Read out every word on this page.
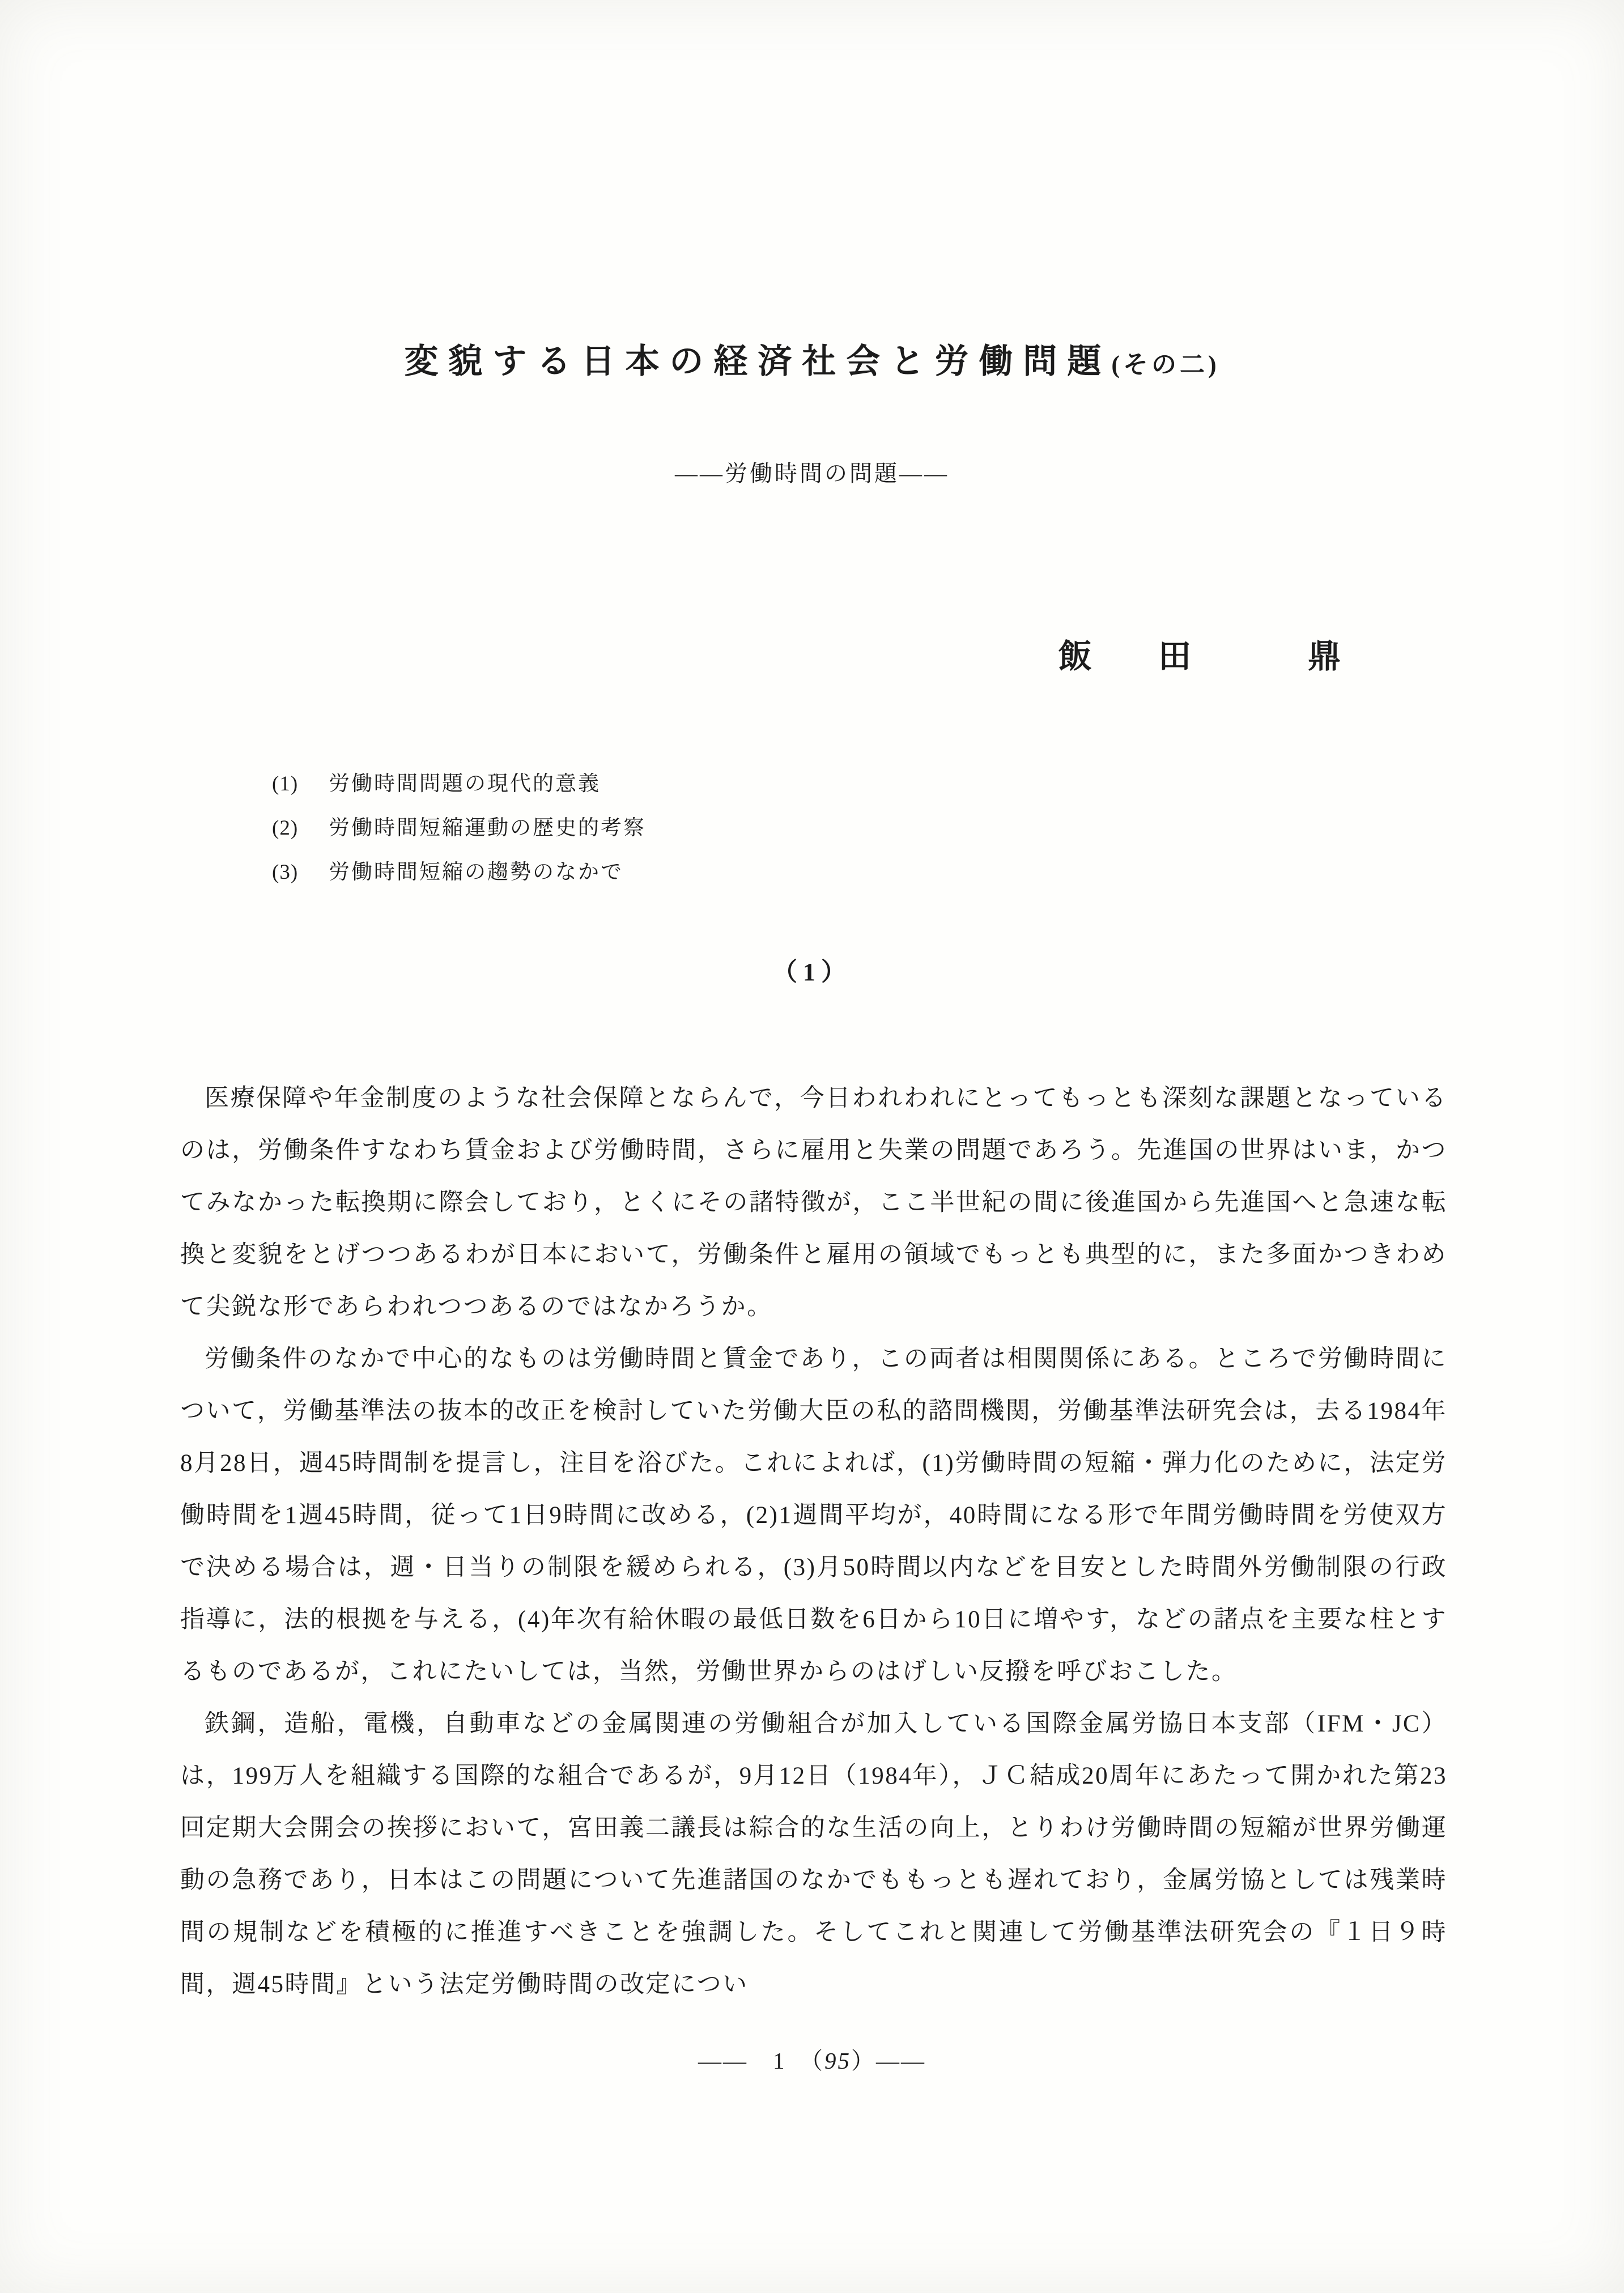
変貌する日本の経済社会と労働問題(その二)
——労働時間の問題——
飯　田　　鼎
(1) 労働時間問題の現代的意義
(2) 労働時間短縮運動の歴史的考察
(3) 労働時間短縮の趨勢のなかで
（1）

医療保障や年金制度のような社会保障とならんで，今日われわれにとってもっとも深刻な課題となっているのは，労働条件すなわち賃金および労働時間，さらに雇用と失業の問題であろう。先進国の世界はいま，かつてみなかった転換期に際会しており，とくにその諸特徴が，ここ半世紀の間に後進国から先進国へと急速な転換と変貌をとげつつあるわが日本において，労働条件と雇用の領域でもっとも典型的に，また多面かつきわめて尖鋭な形であらわれつつあるのではなかろうか。

労働条件のなかで中心的なものは労働時間と賃金であり，この両者は相関関係にある。ところで労働時間について，労働基準法の抜本的改正を検討していた労働大臣の私的諮問機関，労働基準法研究会は，去る1984年8月28日，週45時間制を提言し，注目を浴びた。これによれば，(1)労働時間の短縮・弾力化のために，法定労働時間を1週45時間，従って1日9時間に改める，(2)1週間平均が，40時間になる形で年間労働時間を労使双方で決める場合は，週・日当りの制限を緩められる，(3)月50時間以内などを目安とした時間外労働制限の行政指導に，法的根拠を与える，(4)年次有給休暇の最低日数を6日から10日に増やす，などの諸点を主要な柱とするものであるが，これにたいしては，当然，労働世界からのはげしい反撥を呼びおこした。

鉄鋼，造船，電機，自動車などの金属関連の労働組合が加入している国際金属労協日本支部（IFM・JC）は，199万人を組織する国際的な組合であるが，9月12日（1984年），ＪＣ結成20周年にあたって開かれた第23回定期大会開会の挨拶において，宮田義二議長は綜合的な生活の向上，とりわけ労働時間の短縮が世界労働運動の急務であり，日本はこの問題について先進諸国のなかでももっとも遅れており，金属労協としては残業時間の規制などを積極的に推進すべきことを強調した。そしてこれと関連して労働基準法研究会の『１日９時間，週45時間』という法定労働時間の改定につい

——　1　（95）——
